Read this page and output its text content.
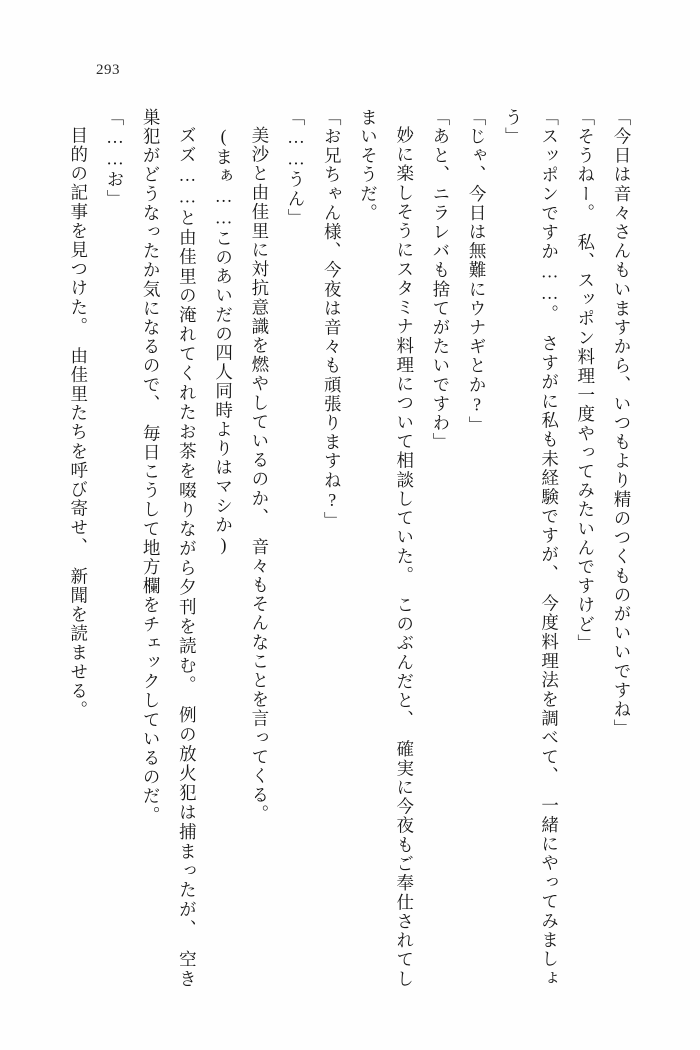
293

「今日は音々さんもいますから、いつもより精のつくものがいいですね」

「そうねー。　私、スッポン料理一度やってみたいんですけど」

「スッポンですか……。　さすがに私も未経験ですが、　今度料理法を調べて、　一緒にやってみましょう」

「じゃ、今日は無難にウナギとか?」

「あと、ニラレバも捨てがたいですわ」

妙に楽しそうにスタミナ料理について相談していた。　このぶんだと、　確実に今夜もご奉仕されてしまいそうだ。

「お兄ちゃん様、今夜は音々も頑張りますね?」

「……うん」

美沙と由佳里に対抗意識を燃やしているのか、　音々もそんなことを言ってくる。

(まぁ……このあいだの四人同時よりはマシか)

ズズ……と由佳里の淹れてくれたお茶を啜りながら夕刊を読む。　例の放火犯は捕まったが、　空き巣犯がどうなったか気になるので、　毎日こうして地方欄をチェックしているのだ。

「……お」

目的の記事を見つけた。　由佳里たちを呼び寄せ、　新聞を読ませる。
